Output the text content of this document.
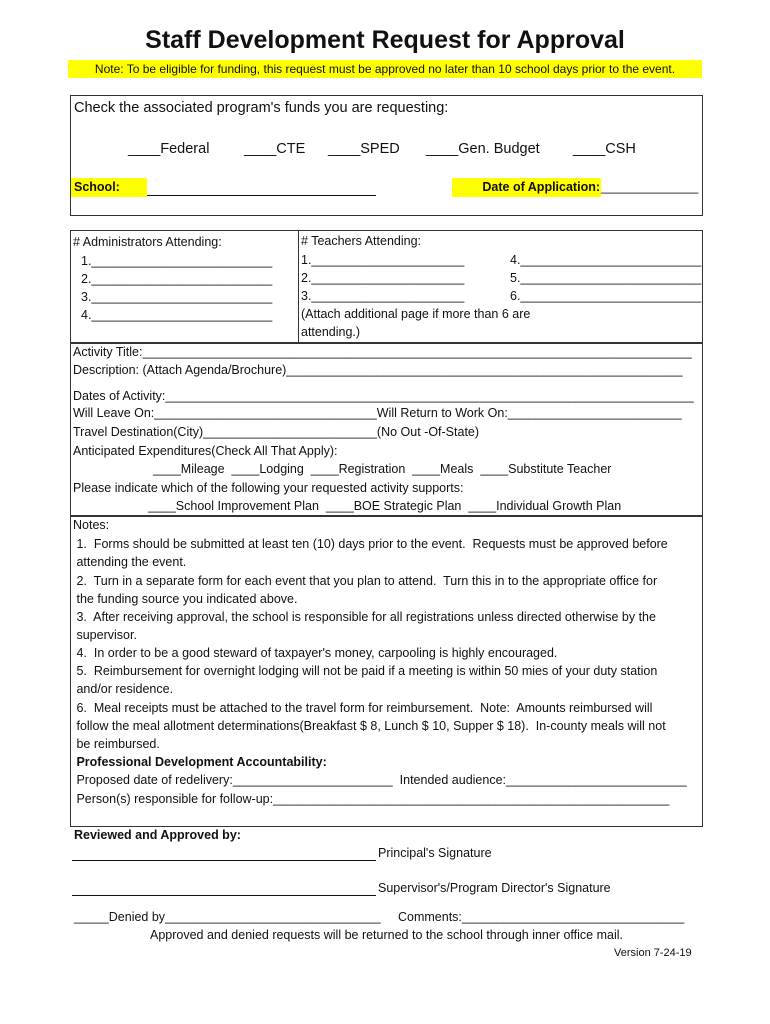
Staff Development Request for Approval
Note: To be eligible for funding, this request must be approved no later than 10 school days prior to the event.
Check the associated program's funds you are requesting:
____Federal ____CTE ____SPED ____Gen. Budget ____CSH
School:	Date of Application: ______________
# Administrators Attending:
1.__________________________
2.__________________________
3.__________________________
4.__________________________
# Teachers Attending:
1.______________________
2.______________________
3.______________________
4.__________________________
5.__________________________
6.__________________________
(Attach additional page if more than 6 are
attending.)
Activity Title:_______________________________________________________________________________
Description: (Attach Agenda/Brochure)_________________________________________________________
Dates of Activity:____________________________________________________________________________
Will Leave On:________________________________Will Return to Work On:_________________________
Travel Destination(City)_________________________(No Out -Of-State)
Anticipated Expenditures(Check All That Apply):
____Mileage  ____Lodging  ____Registration  ____Meals  ____Substitute Teacher
Please indicate which of the following your requested activity supports:
____School Improvement Plan  ____BOE Strategic Plan  ____Individual Growth Plan
Notes:
1.  Forms should be submitted at least ten (10) days prior to the event.  Requests must be approved before
attending the event.
2.  Turn in a separate form for each event that you plan to attend.  Turn this in to the appropriate office for
the funding source you indicated above.
3.  After receiving approval, the school is responsible for all registrations unless directed otherwise by the
supervisor.
4.  In order to be a good steward of taxpayer's money, carpooling is highly encouraged.
5.  Reimbursement for overnight lodging will not be paid if a meeting is within 50 mies of your duty station
and/or residence.
6.  Meal receipts must be attached to the travel form for reimbursement.  Note:  Amounts reimbursed will
follow the meal allotment determinations(Breakfast $ 8, Lunch $ 10, Supper $ 18).  In-county meals will not
be reimbursed.
Professional Development Accountability:
Proposed date of redelivery:_______________________  Intended audience:__________________________
Person(s) responsible for follow-up:_________________________________________________________
Reviewed and Approved by:
Principal's Signature
Supervisor's/Program Director's Signature
_____Denied by_______________________________ Comments:________________________________
Approved and denied requests will be returned to the school through inner office mail.
Version 7-24-19
